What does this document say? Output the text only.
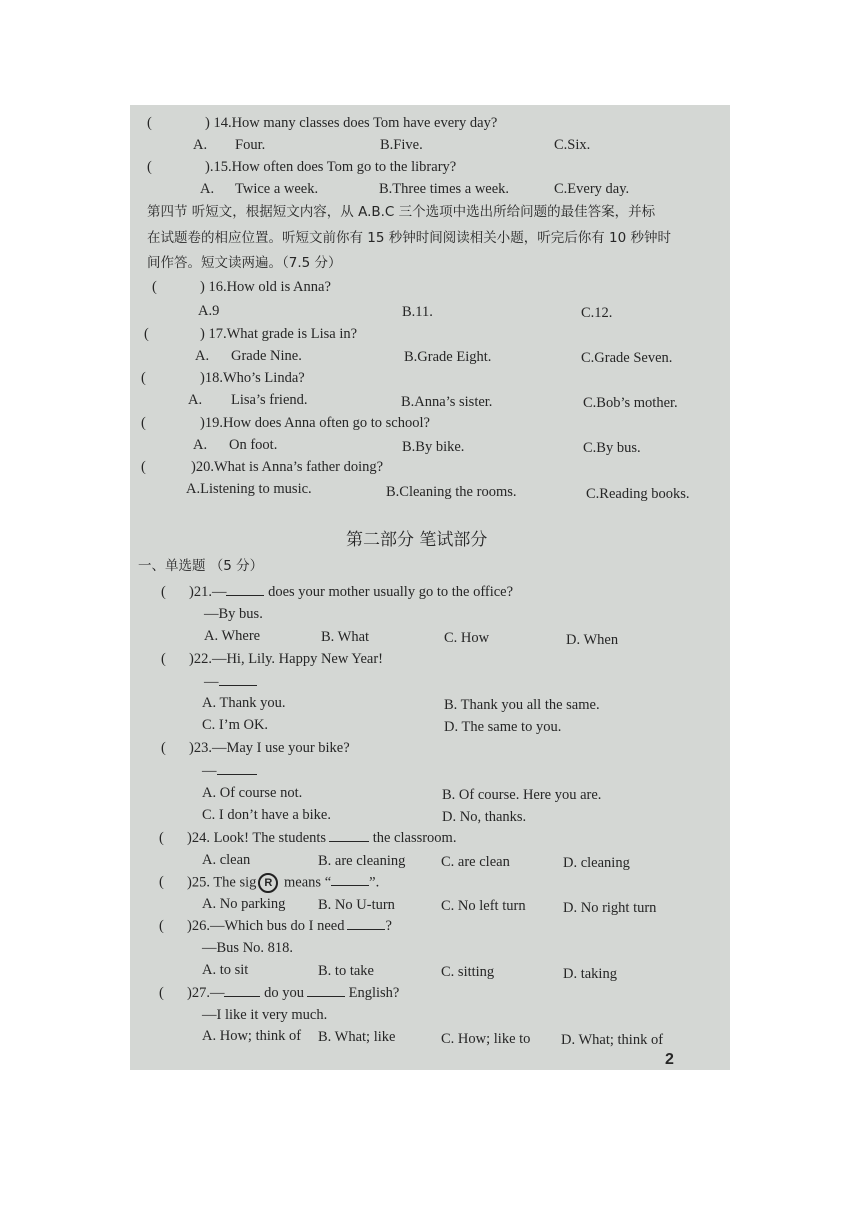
(	) 14.How many classes does Tom have every day?
A. Four.	B.Five.	C.Six.
(	).15.How often does Tom go to the library?
A. Twice a week.	B.Three times a week.	C.Every day.
第四节 听短文，根据短文内容，从 A.B.C 三个选项中选出所给问题的最佳答案，并标
在试题卷的相应位置。听短文前你有 15 秒钟时间阅读相关小题，听完后你有 10 秒钟时
间作答。短文读两遍。（7.5 分）
(	) 16.How old is Anna?
A.9	B.11.	C.12.
(	) 17.What grade is Lisa in?
A. Grade Nine.	B.Grade Eight.	C.Grade Seven.
(	)18.Who’s Linda?
A. Lisa’s friend.	B.Anna’s sister.	C.Bob’s mother.
(	)19.How does Anna often go to school?
A. On foot.	B.By bike.	C.By bus.
(	)20.What is Anna’s father doing?
A.Listening to music.	B.Cleaning the rooms.	C.Reading books.
第二部分 笔试部分
一、单选题 （5 分）
( )21.—	does your mother usually go to the office?
—By bus.
A. Where	B. What	C. How	D. When
( )22.—Hi, Lily. Happy New Year!
—
A. Thank you.	B. Thank you all the same.
C. I’m OK.	D. The same to you.
( )23.—May I use your bike?
—
A. Of course not.	B. Of course. Here you are.
C. I don’t have a bike.	D. No, thanks.
( )24. Look! The students	the classroom.
A. clean	B. are cleaning C. are clean	D. cleaning
( )25. The sig R means “	”.
A. No parking B. No U-turn	C. No left turn	D. No right turn
( )26.—Which bus do I need	?
—Bus No. 818.
A. to sit	B. to take	C. sitting	D. taking
( )27.— do you	English?
—I like it very much.
A. How; think of B. What; like	C. How; like to D. What; think of
2
